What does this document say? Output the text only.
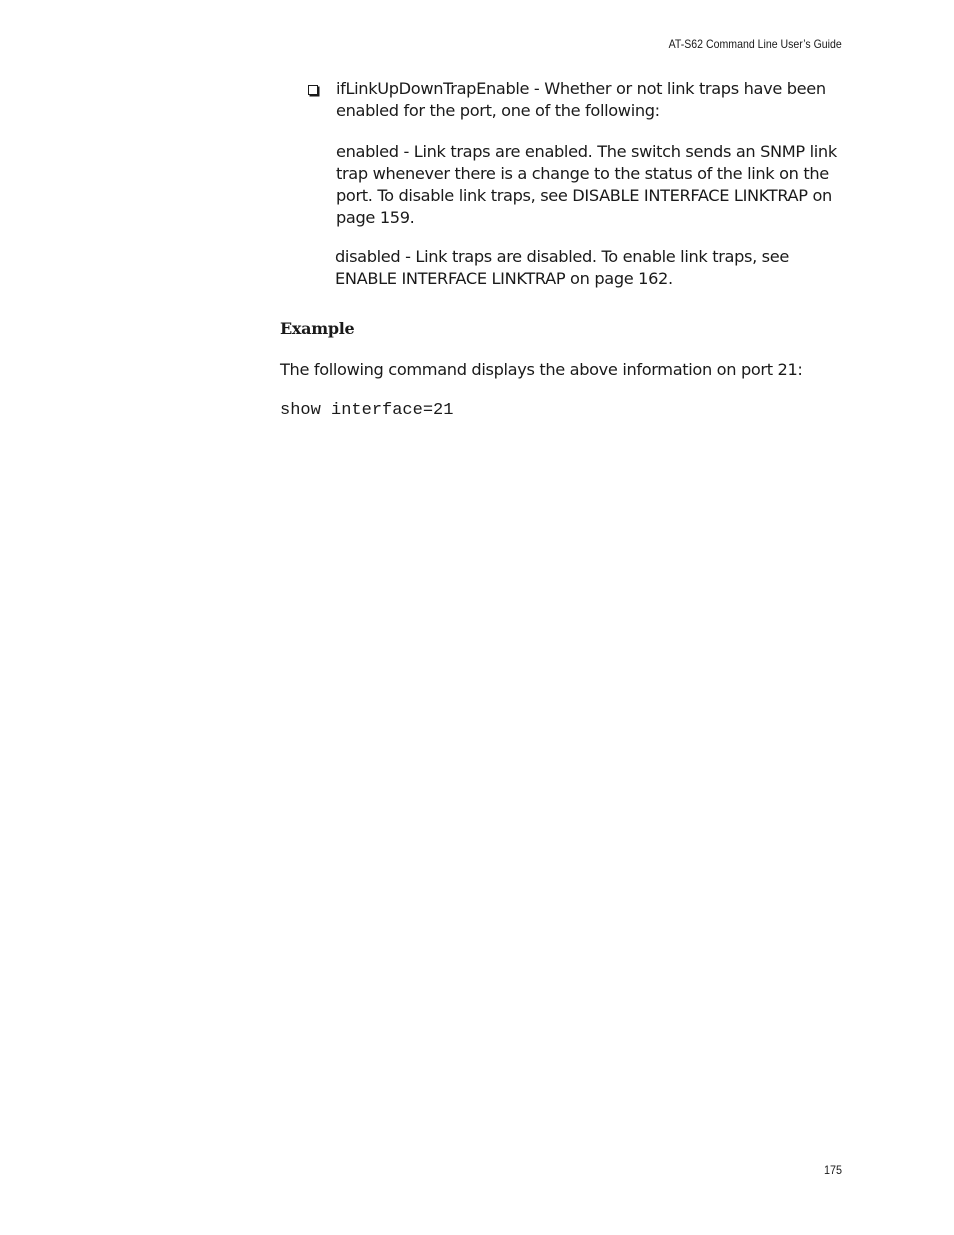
AT-S62 Command Line User’s Guide

ifLinkUpDownTrapEnable - Whether or not link traps have been enabled for the port, one of the following:

enabled - Link traps are enabled. The switch sends an SNMP link trap whenever there is a change to the status of the link on the port. To disable link traps, see DISABLE INTERFACE LINKTRAP on page 159.

disabled - Link traps are disabled. To enable link traps, see ENABLE INTERFACE LINKTRAP on page 162.

Example

The following command displays the above information on port 21:

show interface=21
175
